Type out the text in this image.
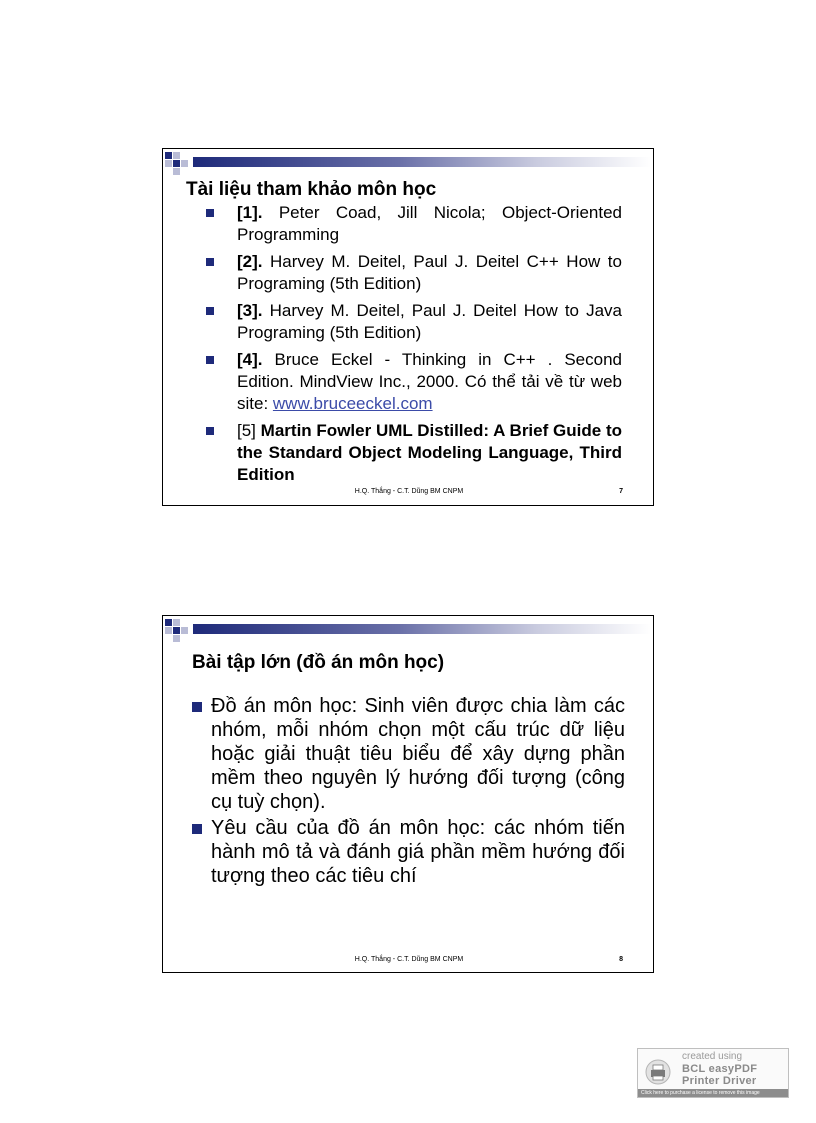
Tài liệu tham khảo môn học
[1]. Peter Coad, Jill Nicola; Object-Oriented Programming
[2]. Harvey M. Deitel, Paul J. Deitel C++ How to Programing (5th Edition)
[3]. Harvey M. Deitel, Paul J. Deitel How to Java Programing (5th Edition)
[4]. Bruce Eckel - Thinking in C++ . Second Edition. MindView Inc., 2000. Có thể tải về từ web site: www.bruceeckel.com
[5] Martin Fowler UML Distilled: A Brief Guide to the Standard Object Modeling Language, Third Edition
H.Q. Thắng - C.T. Dũng BM CNPM	7
Bài tập lớn (đồ án môn học)
Đồ án môn học: Sinh viên được chia làm các nhóm, mỗi nhóm chọn một cấu trúc dữ liệu hoặc giải thuật tiêu biểu để xây dựng phần mềm theo nguyên lý hướng đối tượng (công cụ tuỳ chọn).
Yêu cầu của đồ án môn học: các nhóm tiến hành mô tả và đánh giá phần mềm hướng đối tượng theo các tiêu chí
H.Q. Thắng - C.T. Dũng BM CNPM	8
created using
BCL easyPDF
Printer Driver
Click here to purchase a license to remove this image
